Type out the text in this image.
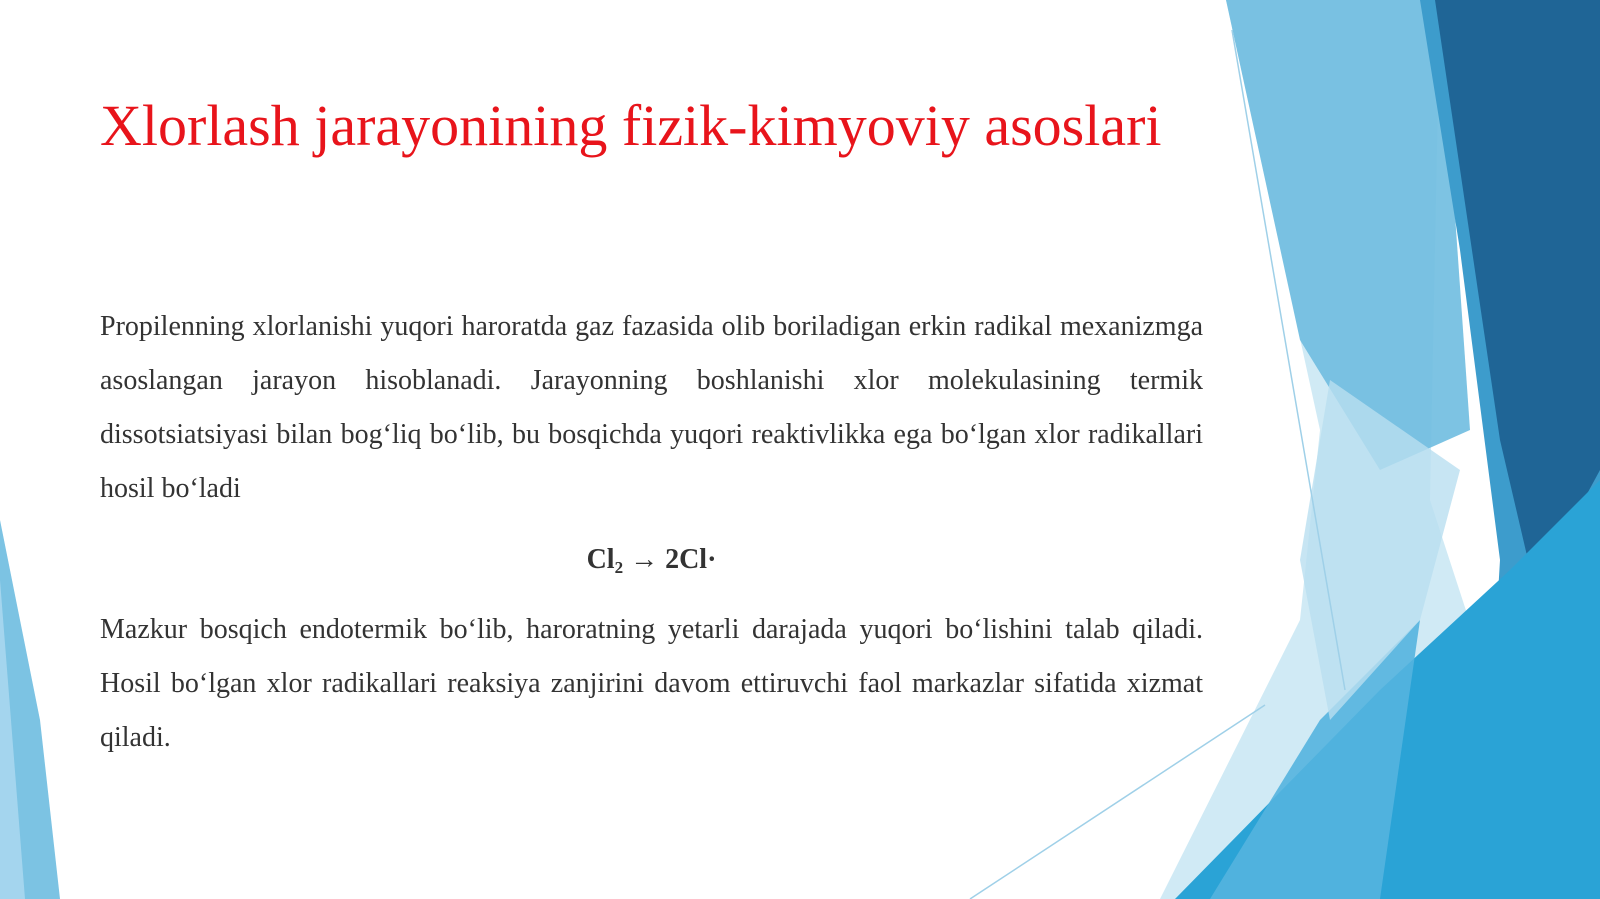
Xlorlash jarayonining fizik-kimyoviy asoslari

Propilenning xlorlanishi yuqori haroratda gaz fazasida olib boriladigan erkin radikal mexanizmga asoslangan jarayon hisoblanadi. Jarayonning boshlanishi xlor molekulasining termik dissotsiatsiyasi bilan bog‘liq bo‘lib, bu bosqichda yuqori reaktivlikka ega bo‘lgan xlor radikallari hosil bo‘ladi

$Cl_2 \to 2Cl\cdot$

Mazkur bosqich endotermik bo‘lib, haroratning yetarli darajada yuqori bo‘lishini talab qiladi. Hosil bo‘lgan xlor radikallari reaksiya zanjirini davom ettiruvchi faol markazlar sifatida xizmat qiladi.
